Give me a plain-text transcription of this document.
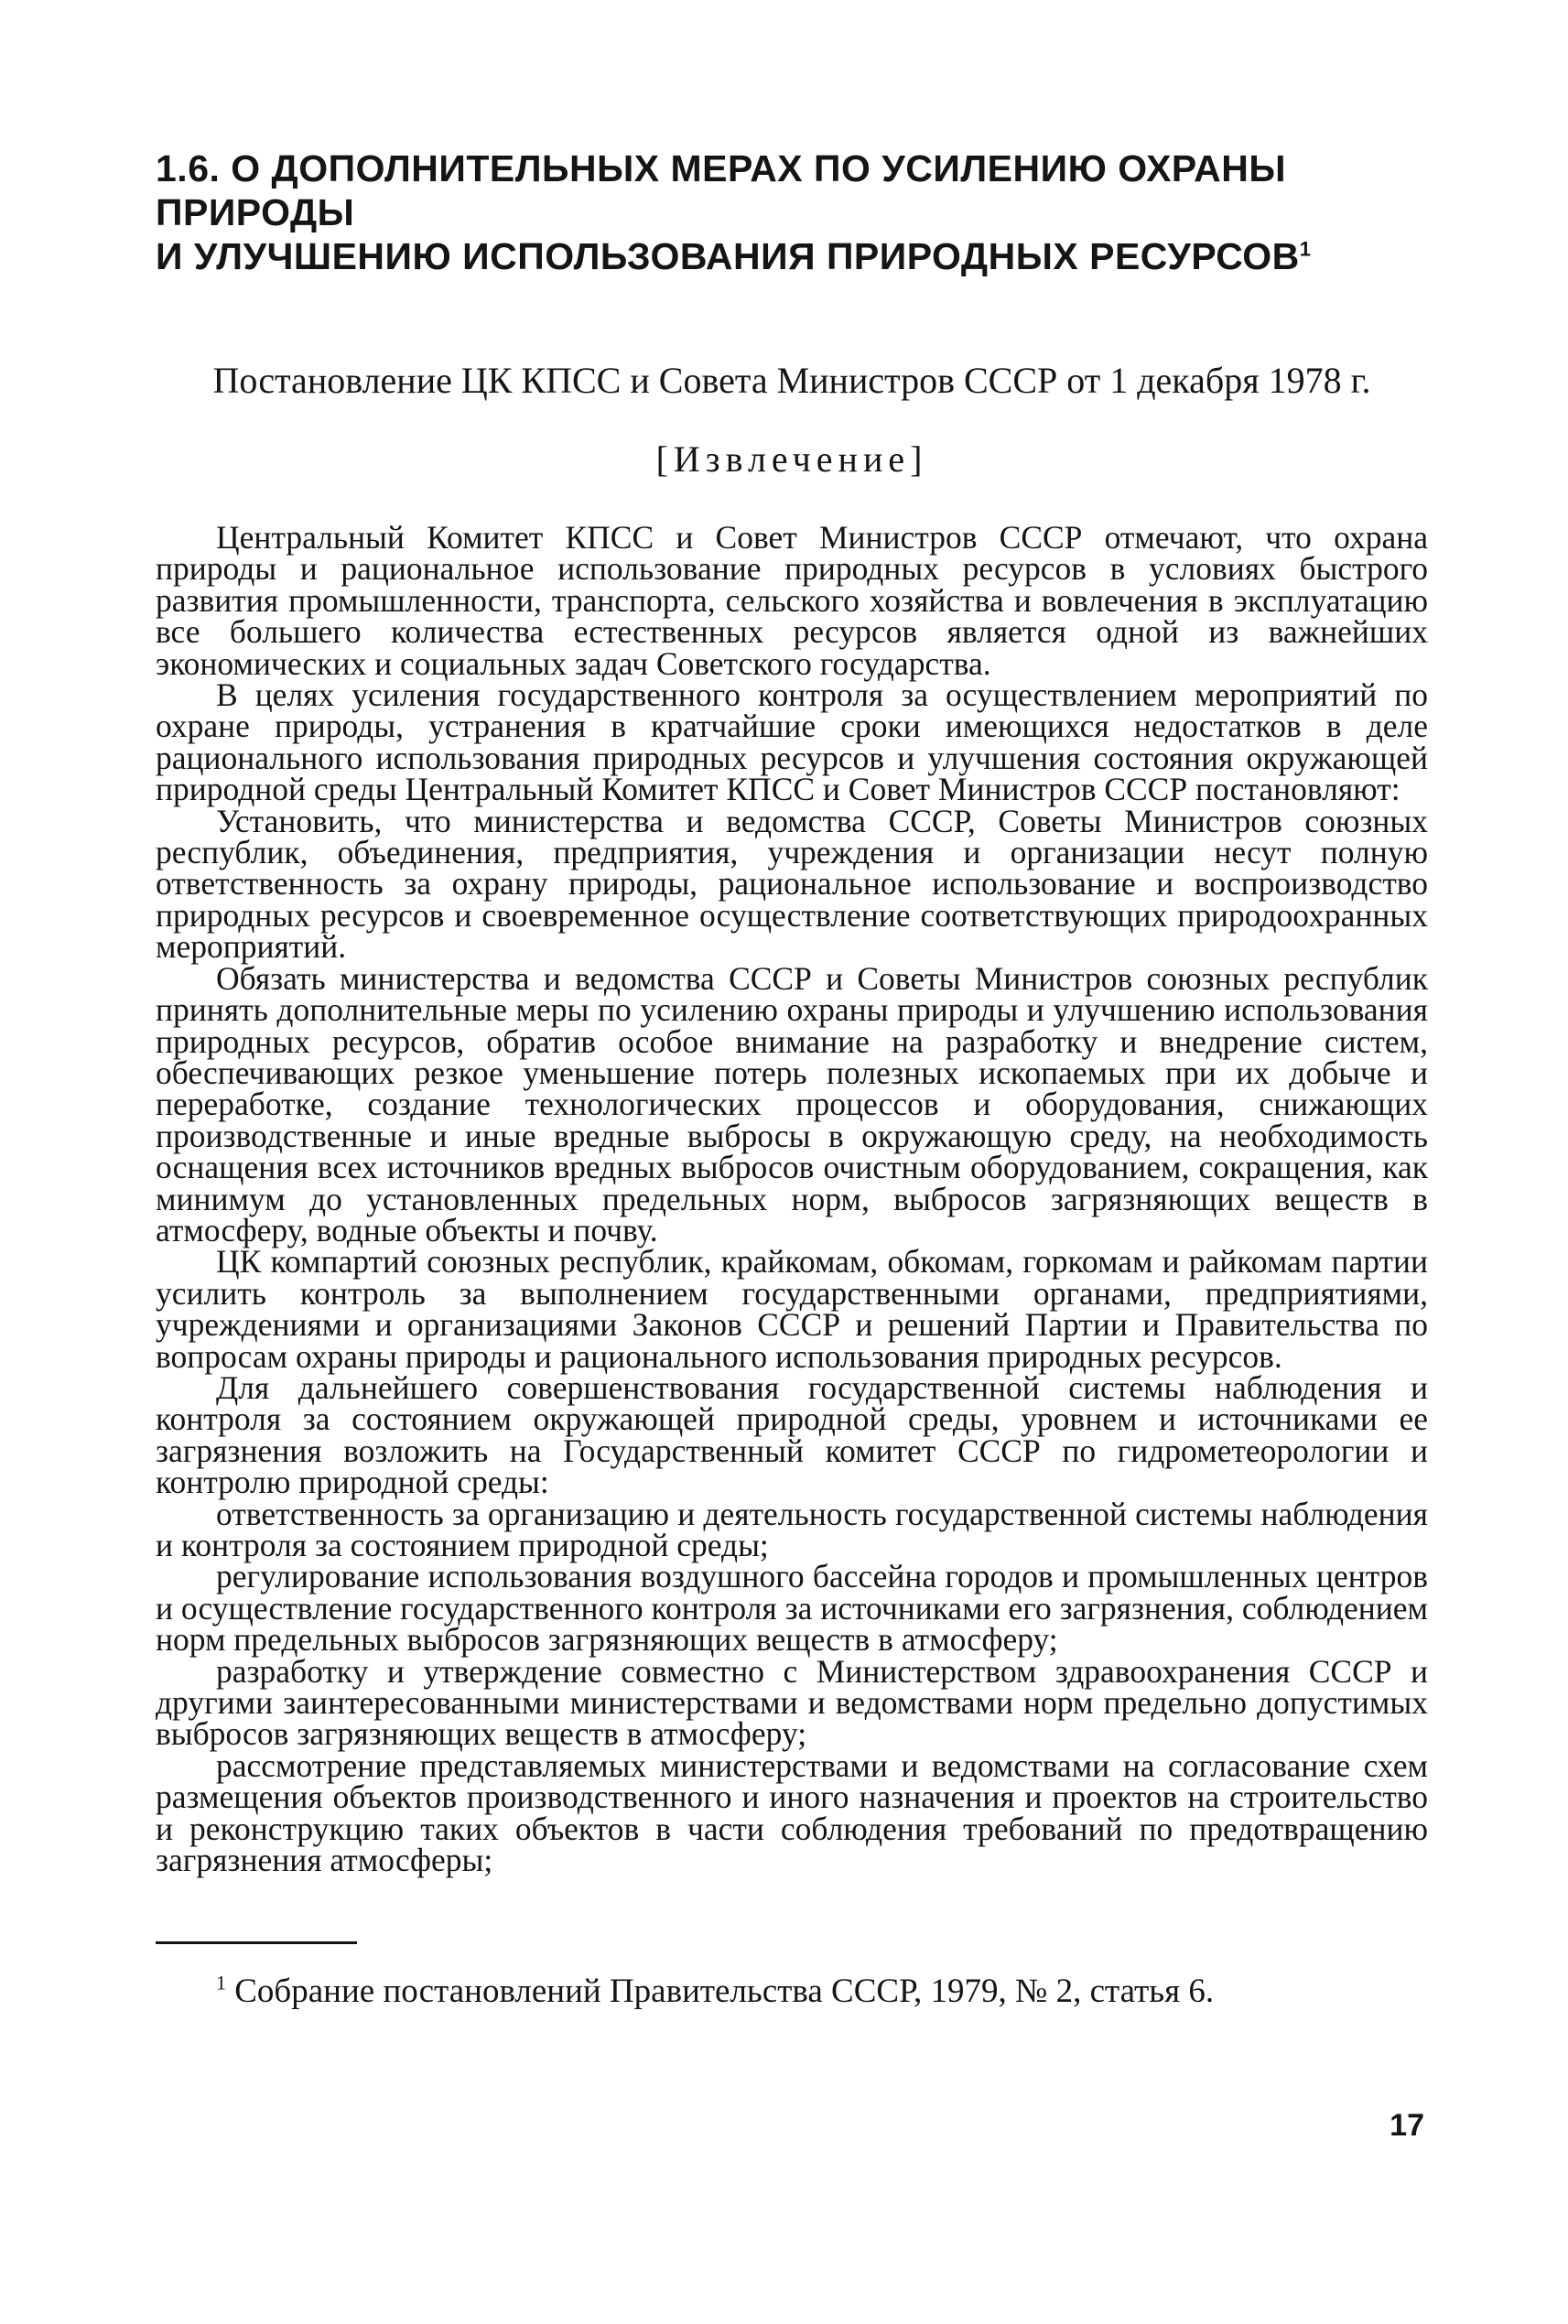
1.6. О ДОПОЛНИТЕЛЬНЫХ МЕРАХ ПО УСИЛЕНИЮ ОХРАНЫ ПРИРОДЫ
И УЛУЧШЕНИЮ ИСПОЛЬЗОВАНИЯ ПРИРОДНЫХ РЕСУРСОВ$^1$
Постановление ЦК КПСС и Совета Министров СССР от 1 декабря 1978 г.
[Извлечение]

Центральный Комитет КПСС и Совет Министров СССР отмечают, что охрана природы и рациональное использование природных ресурсов в условиях быстрого развития промышленности, транспорта, сельского хозяйства и вовлечения в эксплуатацию все большего количества естественных ресурсов является одной из важнейших экономических и социальных задач Советского государства.

В целях усиления государственного контроля за осуществлением мероприятий по охране природы, устранения в кратчайшие сроки имеющихся недостатков в деле рационального использования природных ресурсов и улучшения состояния окружающей природной среды Центральный Комитет КПСС и Совет Министров СССР постановляют:

Установить, что министерства и ведомства СССР, Советы Министров союзных республик, объединения, предприятия, учреждения и организации несут полную ответственность за охрану природы, рациональное использование и воспроизводство природных ресурсов и своевременное осуществление соответствующих природоохранных мероприятий.

Обязать министерства и ведомства СССР и Советы Министров союзных республик принять дополнительные меры по усилению охраны природы и улучшению использования природных ресурсов, обратив особое внимание на разработку и внедрение систем, обеспечивающих резкое уменьшение потерь полезных ископаемых при их добыче и переработке, создание технологических процессов и оборудования, снижающих производственные и иные вредные выбросы в окружающую среду, на необходимость оснащения всех источников вредных выбросов очистным оборудованием, сокращения, как минимум до установленных предельных норм, выбросов загрязняющих веществ в атмосферу, водные объекты и почву.

ЦК компартий союзных республик, крайкомам, обкомам, горкомам и райкомам партии усилить контроль за выполнением государственными органами, предприятиями, учреждениями и организациями Законов СССР и решений Партии и Правительства по вопросам охраны природы и рационального использования природных ресурсов.

Для дальнейшего совершенствования государственной системы наблюдения и контроля за состоянием окружающей природной среды, уровнем и источниками ее загрязнения возложить на Государственный комитет СССР по гидрометеорологии и контролю природной среды:

ответственность за организацию и деятельность государственной системы наблюдения и контроля за состоянием природной среды;

регулирование использования воздушного бассейна городов и промышленных центров и осуществление государственного контроля за источниками его загрязнения, соблюдением норм предельных выбросов загрязняющих веществ в атмосферу;

разработку и утверждение совместно с Министерством здравоохранения СССР и другими заинтересованными министерствами и ведомствами норм предельно допустимых выбросов загрязняющих веществ в атмосферу;

рассмотрение представляемых министерствами и ведомствами на согласование схем размещения объектов производственного и иного назначения и проектов на строительство и реконструкцию таких объектов в части соблюдения требований по предотвращению загрязнения атмосферы;

$^1$ Собрание постановлений Правительства СССР, 1979, № 2, статья 6.
17
